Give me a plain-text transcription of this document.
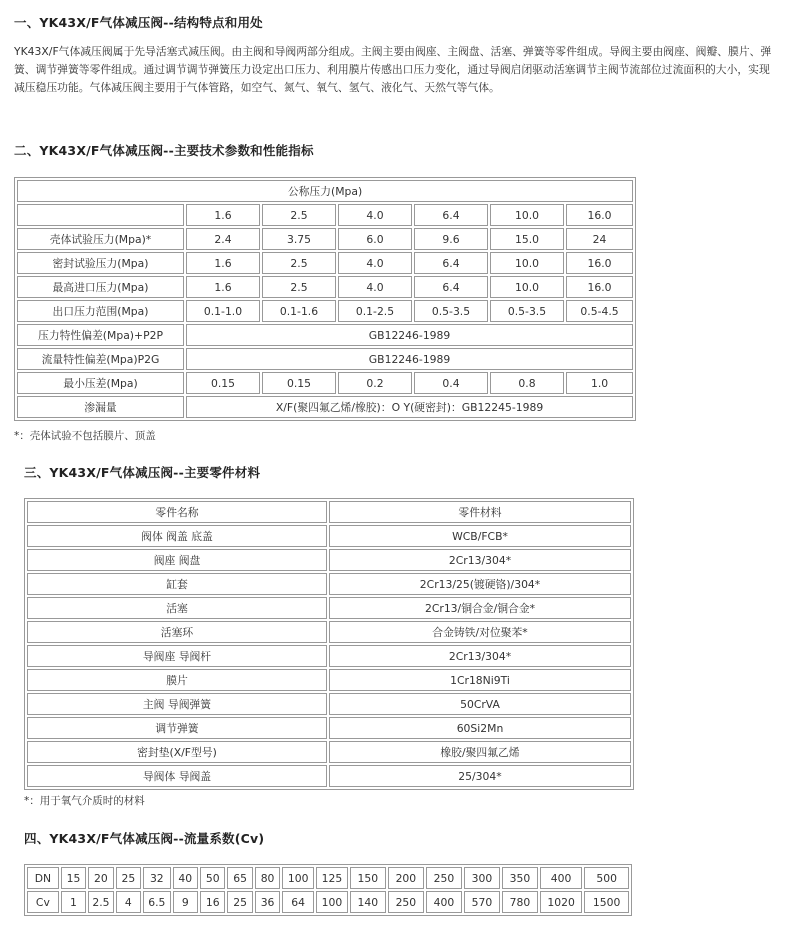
一、YK43X/F气体减压阀--结构特点和用处

YK43X/F气体减压阀属于先导活塞式减压阀。由主阀和导阀两部分组成。主阀主要由阀座、主阀盘、活塞、弹簧等零件组成。导阀主要由阀座、阀瓣、膜片、弹簧、调节弹簧等零件组成。通过调节调节弹簧压力设定出口压力、利用膜片传感出口压力变化，通过导阀启闭驱动活塞调节主阀节流部位过流面积的大小，实现减压稳压功能。气体减压阀主要用于气体管路，如空气、氮气、氧气、氢气、液化气、天然气等气体。

二、YK43X/F气体减压阀--主要技术参数和性能指标
公称压力(Mpa)						
	1.6	2.5	4.0	6.4	10.0	16.0
壳体试验压力(Mpa)*	2.4	3.75	6.0	9.6	15.0	24
密封试验压力(Mpa)	1.6	2.5	4.0	6.4	10.0	16.0
最高进口压力(Mpa)	1.6	2.5	4.0	6.4	10.0	16.0
出口压力范围(Mpa)	0.1-1.0	0.1-1.6	0.1-2.5	0.5-3.5	0.5-3.5	0.5-4.5
压力特性偏差(Mpa)+P2P	GB12246-1989					
流量特性偏差(Mpa)P2G	GB12246-1989					
最小压差(Mpa)	0.15	0.15	0.2	0.4	0.8	1.0
渗漏量	X/F(聚四氟乙烯/橡胶)：O Y(硬密封)：GB12245-1989					

*：壳体试验不包括膜片、顶盖

三、YK43X/F气体减压阀--主要零件材料
零件名称	零件材料
阀体 阀盖 底盖	WCB/FCB*
阀座 阀盘	2Cr13/304*
缸套	2Cr13/25(镀硬铬)/304*
活塞	2Cr13/铜合金/铜合金*
活塞环	合金铸铁/对位聚苯*
导阀座 导阀杆	2Cr13/304*
膜片	1Cr18Ni9Ti
主阀 导阀弹簧	50CrVA
调节弹簧	60Si2Mn
密封垫(X/F型号)	橡胶/聚四氟乙烯
导阀体 导阀盖	25/304*

*：用于氧气介质时的材料

四、YK43X/F气体减压阀--流量系数(Cv)
DN	15	20	25	32	40	50	65	80	100	125	150	200	250	300	350	400	500
Cv	1	2.5	4	6.5	9	16	25	36	64	100	140	250	400	570	780	1020	1500
